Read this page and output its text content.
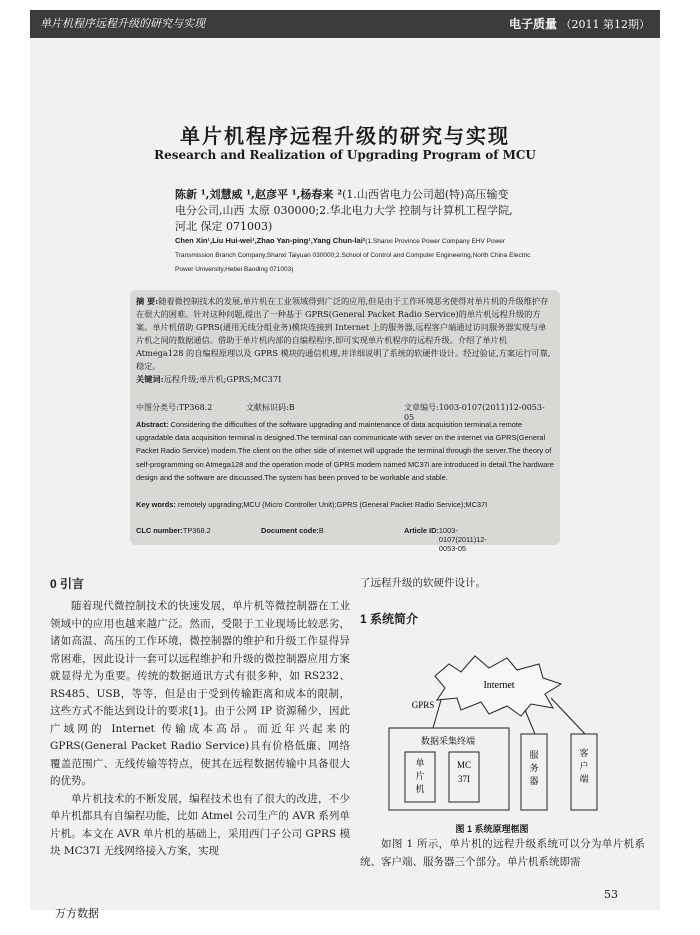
单片机程序远程升级的研究与实现	电子质量 （2011 第12期）
单片机程序远程升级的研究与实现
Research and Realization of Upgrading Program of MCU
陈新 ¹,刘慧威 ¹,赵彦平 ¹,杨春来 ²(1.山西省电力公司超(特)高压输变电分公司,山西 太原 030000;2.华北电力大学 控制与计算机工程学院,河北 保定 071003)
Chen Xin¹,Liu Hui-wei¹,Zhao Yan-ping¹,Yang Chun-lai²(1.Shanxi Province Power Company EHV Power Transmission Branch Company,Shanxi Taiyuan 030000;2.School of Control and Computer Engineering,North China Electric Power University,Hebei Baoding 071003)
摘 要:随着微控制技术的发展,单片机在工业领域得到广泛的应用,但是由于工作环境恶劣使得对单片机的升级维护存在很大的困难。针对这种问题,提出了一种基于 GPRS(General Packet Radio Service)的单片机远程升级的方案。单片机借助 GPRS(通用无线分组业务)模块连接到 Internet 上的服务器,远程客户端通过访问服务器实现与单片机之间的数据通信。借助于单片机内部的自编程程序,即可实现单片机程序的远程升级。介绍了单片机 Atmega128 的自编程原理以及 GPRS 模块的通信机理,并详细说明了系统的软硬件设计。经过验证,方案运行可靠,稳定。
关键词:远程升级;单片机;GPRS;MC37I
中图分类号:TP368.2	文献标识码:B	文章编号:1003-0107(2011)12-0053-05
Abstract: Considering the difficulties of the software upgrading and maintenance of data acquisition terminal,a remote upgradable data acquisition terminal is designed.The terminal can communicate with sever on the internet via GPRS(General Packet Radio Service) modem.The client on the other side of internet will upgrade the terminal through the server.The theory of self-programming on Atmega128 and the operation mode of GPRS modem named MC37i are introduced in detail.The hardware design and the software are discussed.The system has been proved to be workable and stable.
Key words: remotely upgrading;MCU (Micro Controller Unit);GPRS (General Packet Radio Service);MC37I
CLC number: TP368.2	Document code: B	Article ID: 1003-0107(2011)12-0053-05
0 引言

随着现代微控制技术的快速发展，单片机等微控制器在工业领域中的应用也越来越广泛。然而，受限于工业现场比较恶劣，诸如高温、高压的工作环境，微控制器的维护和升级工作显得异常困难，因此设计一套可以远程维护和升级的微控制器应用方案就显得尤为重要。传统的数据通讯方式有很多种，如 RS232、RS485、USB，等等，但是由于受到传输距离和成本的限制，这些方式不能达到设计的要求[1]。由于公网 IP 资源稀少，因此广域网的 Internet 传输成本高昂。而近年兴起来的 GPRS(General Packet Radio Service)具有价格低廉、网络覆盖范围广、无线传输等特点，使其在远程数据传输中具备很大的优势。

单片机技术的不断发展，编程技术也有了很大的改进，不少单片机都具有自编程功能，比如 Atmel 公司生产的 AVR 系列单片机。本文在 AVR 单片机的基础上，采用西门子公司 GPRS 模块 MC37I 无线网络接入方案，实现

了远程升级的软硬件设计。

1 系统简介
Internet
GPRS
数据采集终端
单片机
MC
37I
服务器
客户端
图 1 系统原理框图

如图 1 所示，单片机的远程升级系统可以分为单片机系统、客户端、服务器三个部分。单片机系统即需

53
万方数据
